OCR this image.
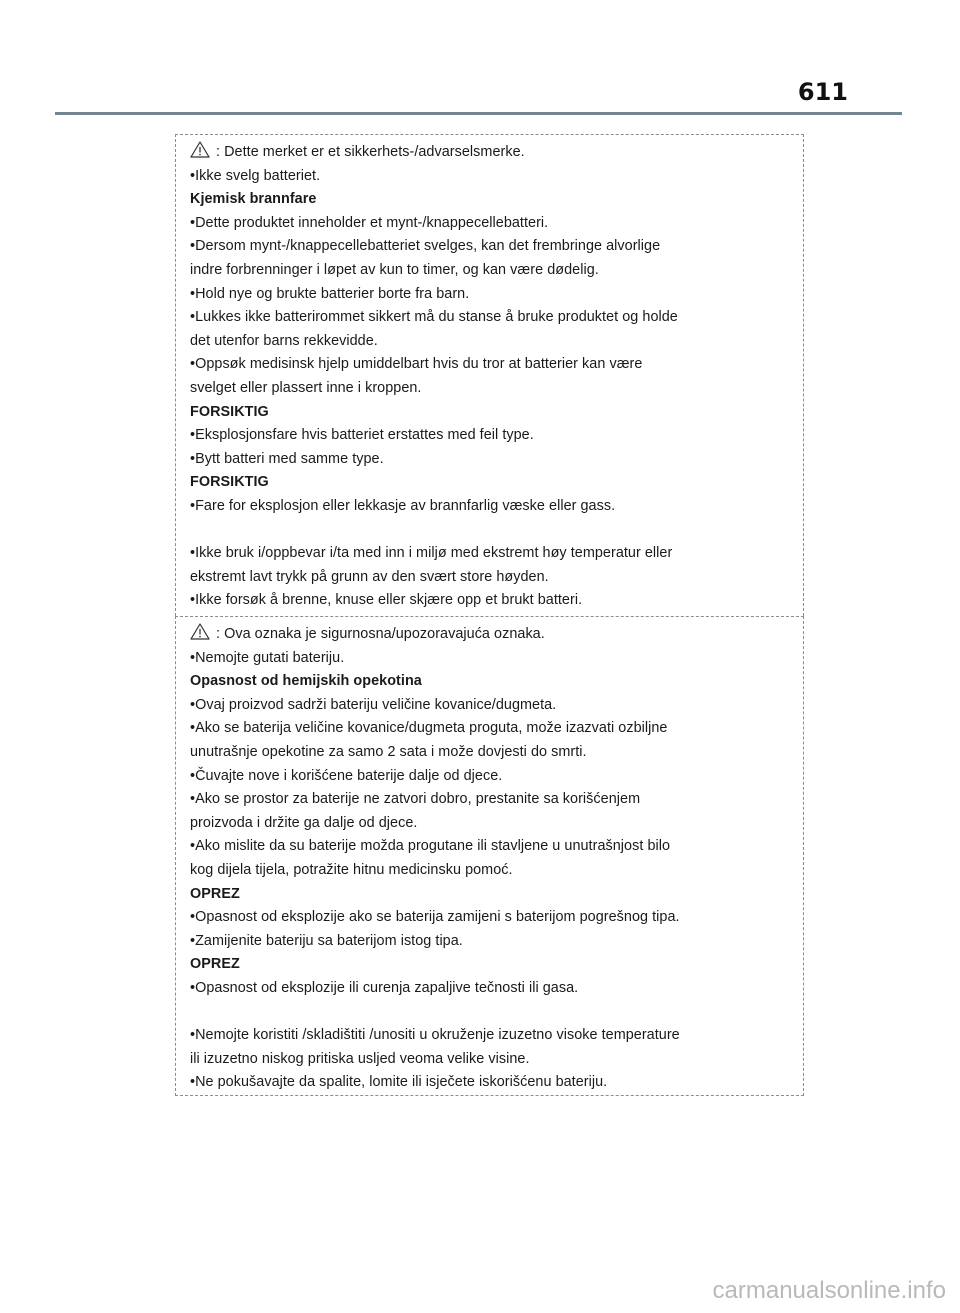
611
: Dette merket er et sikkerhets-/advarselsmerke.
•Ikke svelg batteriet.
Kjemisk brannfare
•Dette produktet inneholder et mynt-/knappecellebatteri.
•Dersom mynt-/knappecellebatteriet svelges, kan det frembringe alvorlige
indre forbrenninger i løpet av kun to timer, og kan være dødelig.
•Hold nye og brukte batterier borte fra barn.
•Lukkes ikke batterirommet sikkert må du stanse å bruke produktet og holde
det utenfor barns rekkevidde.
•Oppsøk medisinsk hjelp umiddelbart hvis du tror at batterier kan være
svelget eller plassert inne i kroppen.
FORSIKTIG
•Eksplosjonsfare hvis batteriet erstattes med feil type.
•Bytt batteri med samme type.
FORSIKTIG
•Fare for eksplosjon eller lekkasje av brannfarlig væske eller gass.
•Ikke bruk i/oppbevar i/ta med inn i miljø med ekstremt høy temperatur eller
ekstremt lavt trykk på grunn av den svært store høyden.
•Ikke forsøk å brenne, knuse eller skjære opp et brukt batteri.
: Ova oznaka je sigurnosna/upozoravajuća oznaka.
•Nemojte gutati bateriju.
Opasnost od hemijskih opekotina
•Ovaj proizvod sadrži bateriju veličine kovanice/dugmeta.
•Ako se baterija veličine kovanice/dugmeta proguta, može izazvati ozbiljne
unutrašnje opekotine za samo 2 sata i može dovjesti do smrti.
•Čuvajte nove i korišćene baterije dalje od djece.
•Ako se prostor za baterije ne zatvori dobro, prestanite sa korišćenjem
proizvoda i držite ga dalje od djece.
•Ako mislite da su baterije možda progutane ili stavljene u unutrašnjost bilo
kog dijela tijela, potražite hitnu medicinsku pomoć.
OPREZ
•Opasnost od eksplozije ako se baterija zamijeni s baterijom pogrešnog tipa.
•Zamijenite bateriju sa baterijom istog tipa.
OPREZ
•Opasnost od eksplozije ili curenja zapaljive tečnosti ili gasa.
•Nemojte koristiti /skladištiti /unositi u okruženje izuzetno visoke temperature
ili izuzetno niskog pritiska usljed veoma velike visine.
•Ne pokušavajte da spalite, lomite ili isječete iskorišćenu bateriju.
carmanualsonline.info
